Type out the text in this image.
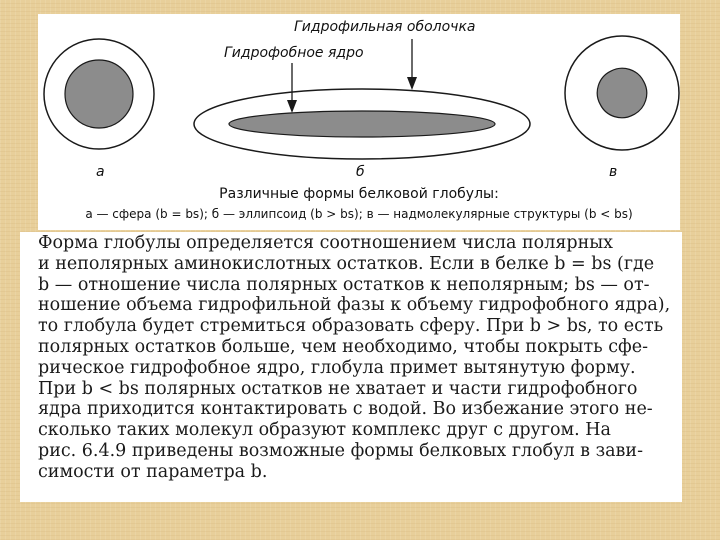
Гидрофильная оболочка
Гидрофобное ядро
а	б	в
Различные формы белковой глобулы:
а — сфера (b = bs); б — эллипсоид (b > bs); в — надмолекулярные структуры (b < bs)
Форма глобулы определяется соотношением числа полярных
и неполярных аминокислотных остатков. Если в белке b = bs (где
b — отношение числа полярных остатков к неполярным; bs — от-
ношение объема гидрофильной фазы к объему гидрофобного ядра),
то глобула будет стремиться образовать сферу. При b > bs, то есть
полярных остатков больше, чем необходимо, чтобы покрыть сфе-
рическое гидрофобное ядро, глобула примет вытянутую форму.
При b < bs полярных остатков не хватает и части гидрофобного
ядра приходится контактировать с водой. Во избежание этого не-
сколько таких молекул образуют комплекс друг с другом. На
рис. 6.4.9 приведены возможные формы белковых глобул в зави-
симости от параметра b.
